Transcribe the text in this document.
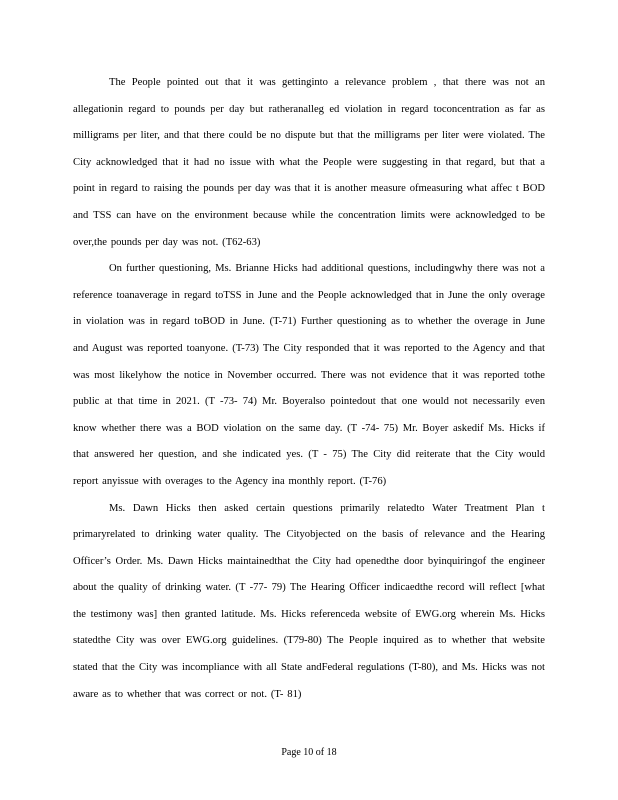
The People pointed out that it was gettinginto a relevance problem , that there was not an allegationin regard to pounds per day but ratheranalleg ed violation in regard toconcentration as far as milligrams per liter, and that there could be no dispute but that the milligrams per liter were violated. The City acknowledged that it had no issue with what the People were suggesting in that regard, but that a point in regard to raising the pounds per day was that it is another measure ofmeasuring what affec t BOD and TSS can have on the environment because while the concentration limits were acknowledged to be over,the pounds per day was not. (T62-63)

On further questioning, Ms. Brianne Hicks had additional questions, includingwhy there was not a reference toanaverage in regard toTSS in June and the People acknowledged that in June the only overage in violation was in regard toBOD in June. (T-71) Further questioning as to whether the overage in June and August was reported toanyone. (T-73) The City responded that it was reported to the Agency and that was most likelyhow the notice in November occurred. There was not evidence that it was reported tothe public at that time in 2021. (T -73- 74) Mr. Boyeralso pointedout that one would not necessarily even know whether there was a BOD violation on the same day. (T -74- 75) Mr. Boyer askedif Ms. Hicks if that answered her question, and she indicated yes. (T - 75) The City did reiterate that the City would report anyissue with overages to the Agency ina monthly report. (T-76)

Ms. Dawn Hicks then asked certain questions primarily relatedto Water Treatment Plan t primaryrelated to drinking water quality. The Cityobjected on the basis of relevance and the Hearing Officer’s Order. Ms. Dawn Hicks maintainedthat the City had openedthe door byinquiringof the engineer about the quality of drinking water. (T -77- 79) The Hearing Officer indicaedthe record will reflect [what the testimony was] then granted latitude. Ms. Hicks referenceda website of EWG.org wherein Ms. Hicks statedthe City was over EWG.org guidelines. (T79-80) The People inquired as to whether that website stated that the City was incompliance with all State andFederal regulations (T-80), and Ms. Hicks was not aware as to whether that was correct or not. (T- 81)

Page 10 of 18
